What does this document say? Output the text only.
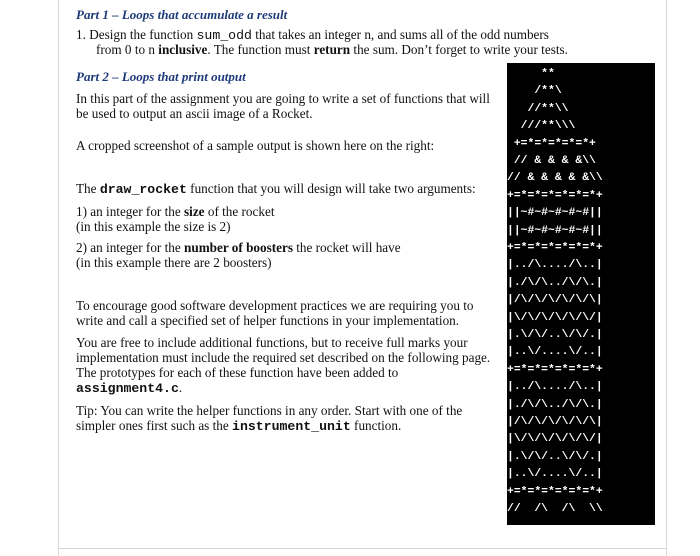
Part 1 – Loops that accumulate a result
1. Design the function sum_odd that takes an integer n, and sums all of the odd numbers
from 0 to n inclusive. The function must return the sum. Don’t forget to write your tests.
Part 2 – Loops that print output
In this part of the assignment you are going to write a set of functions that will
be used to output an ascii image of a Rocket.
A cropped screenshot of a sample output is shown here on the right:
The draw_rocket function that you will design will take two arguments:
1) an integer for the size of the rocket
(in this example the size is 2)
2) an integer for the number of boosters the rocket will have
(in this example there are 2 boosters)
To encourage good software development practices we are requiring you to
write and call a specified set of helper functions in your implementation.
You are free to include additional functions, but to receive full marks your
implementation must include the required set described on the following page.
The prototypes for each of these function have been added to
assignment4.c.
Tip: You can write the helper functions in any order. Start with one of the
simpler ones first such as the instrument_unit function.
**
/**\
//**\\
///**\\\
+=*=*=*=*=*+
// & & & &\\
// & & & & &\\
+=*=*=*=*=*=*+
||~#~#~#~#~#||
||~#~#~#~#~#||
+=*=*=*=*=*=*+
|../\..../\..|
|./\/\../\/\.|
|/\/\/\/\/\/\|
|\/\/\/\/\/\/|
|.\/\/..\/\/.|
|..\/....\/..|
+=*=*=*=*=*=*+
|../\..../\..|
|./\/\../\/\.|
|/\/\/\/\/\/\|
|\/\/\/\/\/\/|
|.\/\/..\/\/.|
|..\/....\/..|
+=*=*=*=*=*=*+
//  /\  /\  \\
